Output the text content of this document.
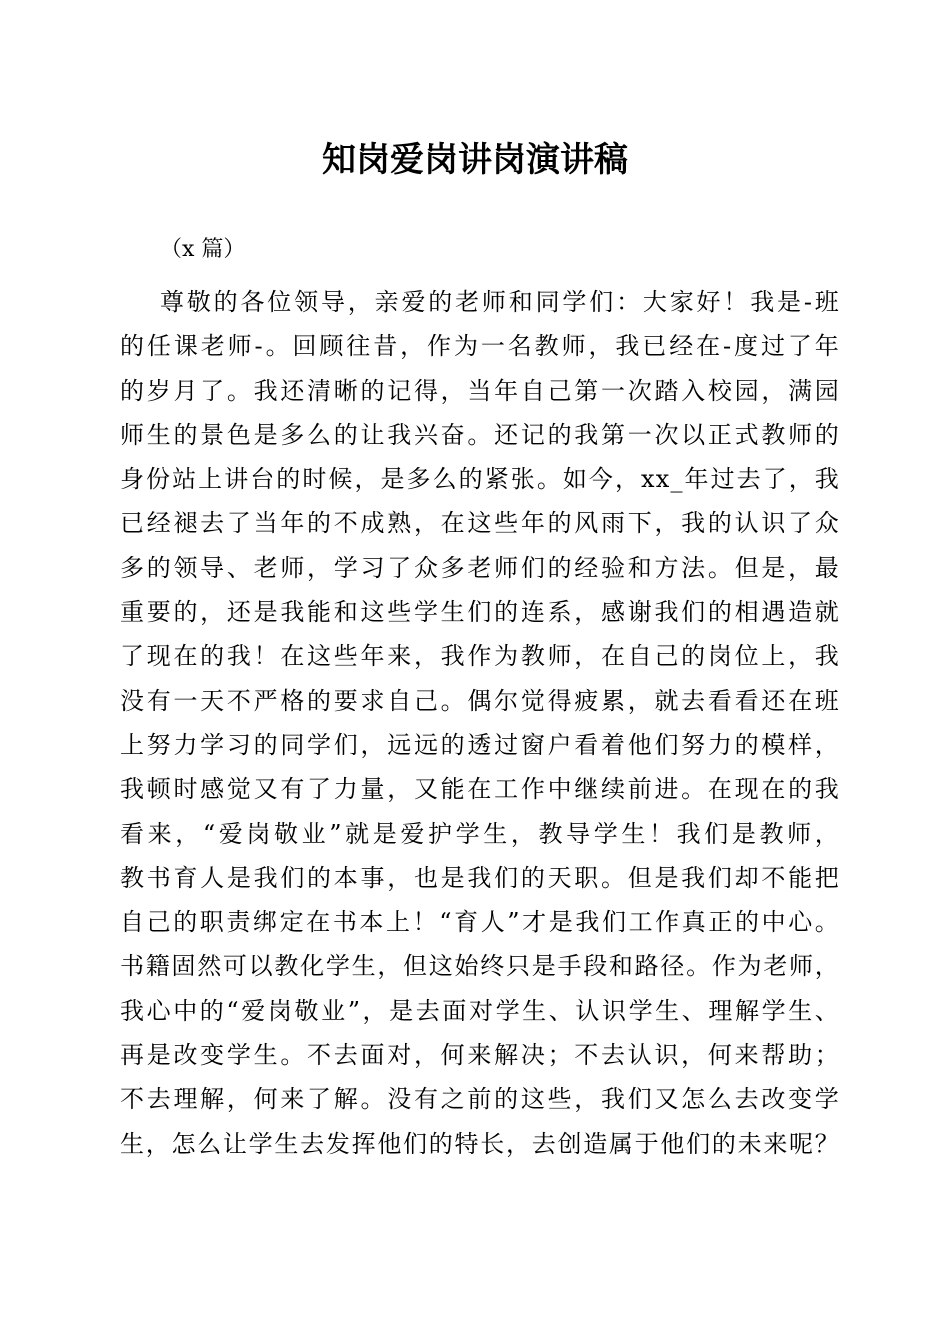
知岗爱岗讲岗演讲稿
（x 篇）
尊敬的各位领导，亲爱的老师和同学们：大家好！我是-班
的任课老师-。回顾往昔，作为一名教师，我已经在-度过了年
的岁月了。我还清晰的记得，当年自己第一次踏入校园，满园
师生的景色是多么的让我兴奋。还记的我第一次以正式教师的
身份站上讲台的时候，是多么的紧张。如今，xx_年过去了，我
已经褪去了当年的不成熟，在这些年的风雨下，我的认识了众
多的领导、老师，学习了众多老师们的经验和方法。但是，最
重要的，还是我能和这些学生们的连系，感谢我们的相遇造就
了现在的我！在这些年来，我作为教师，在自己的岗位上，我
没有一天不严格的要求自己。偶尔觉得疲累，就去看看还在班
上努力学习的同学们，远远的透过窗户看着他们努力的模样，
我顿时感觉又有了力量，又能在工作中继续前进。在现在的我
看来，“爱岗敬业”就是爱护学生，教导学生！我们是教师，
教书育人是我们的本事，也是我们的天职。但是我们却不能把
自己的职责绑定在书本上！“育人”才是我们工作真正的中心。
书籍固然可以教化学生，但这始终只是手段和路径。作为老师，
我心中的“爱岗敬业”，是去面对学生、认识学生、理解学生、
再是改变学生。不去面对，何来解决；不去认识，何来帮助；
不去理解，何来了解。没有之前的这些，我们又怎么去改变学
生，怎么让学生去发挥他们的特长，去创造属于他们的未来呢？
